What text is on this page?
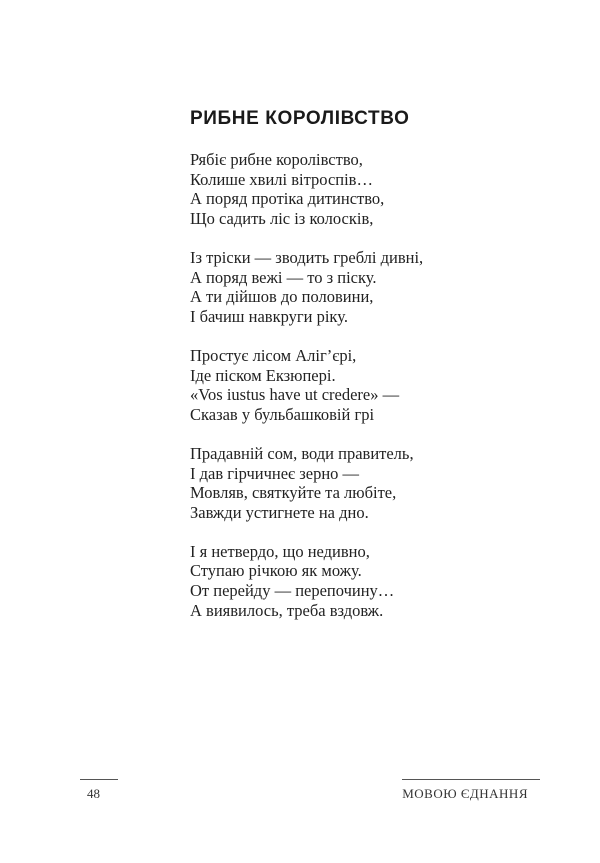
РИБНЕ КОРОЛІВСТВО

Рябіє рибне королівство,
Колише хвилі вітроспів…
А поряд протіка дитинство,
Що садить ліс із колосків,

Із тріски — зводить греблі дивні,
А поряд вежі — то з піску.
А ти дійшов до половини,
І бачиш навкруги ріку.

Простує лісом Аліг’єрі,
Іде піском Екзюпері.
«Vos iustus have ut credere» —
Сказав у бульбашковій грі

Прадавній сом, води правитель,
І дав гірчичнеє зерно —
Мовляв, святкуйте та любіте,
Завжди устигнете на дно.

І я нетвердо, що недивно,
Ступаю річкою як можу.
От перейду — перепочину…
А виявилось, треба вздовж.

48	МОВОЮ ЄДНАННЯ
